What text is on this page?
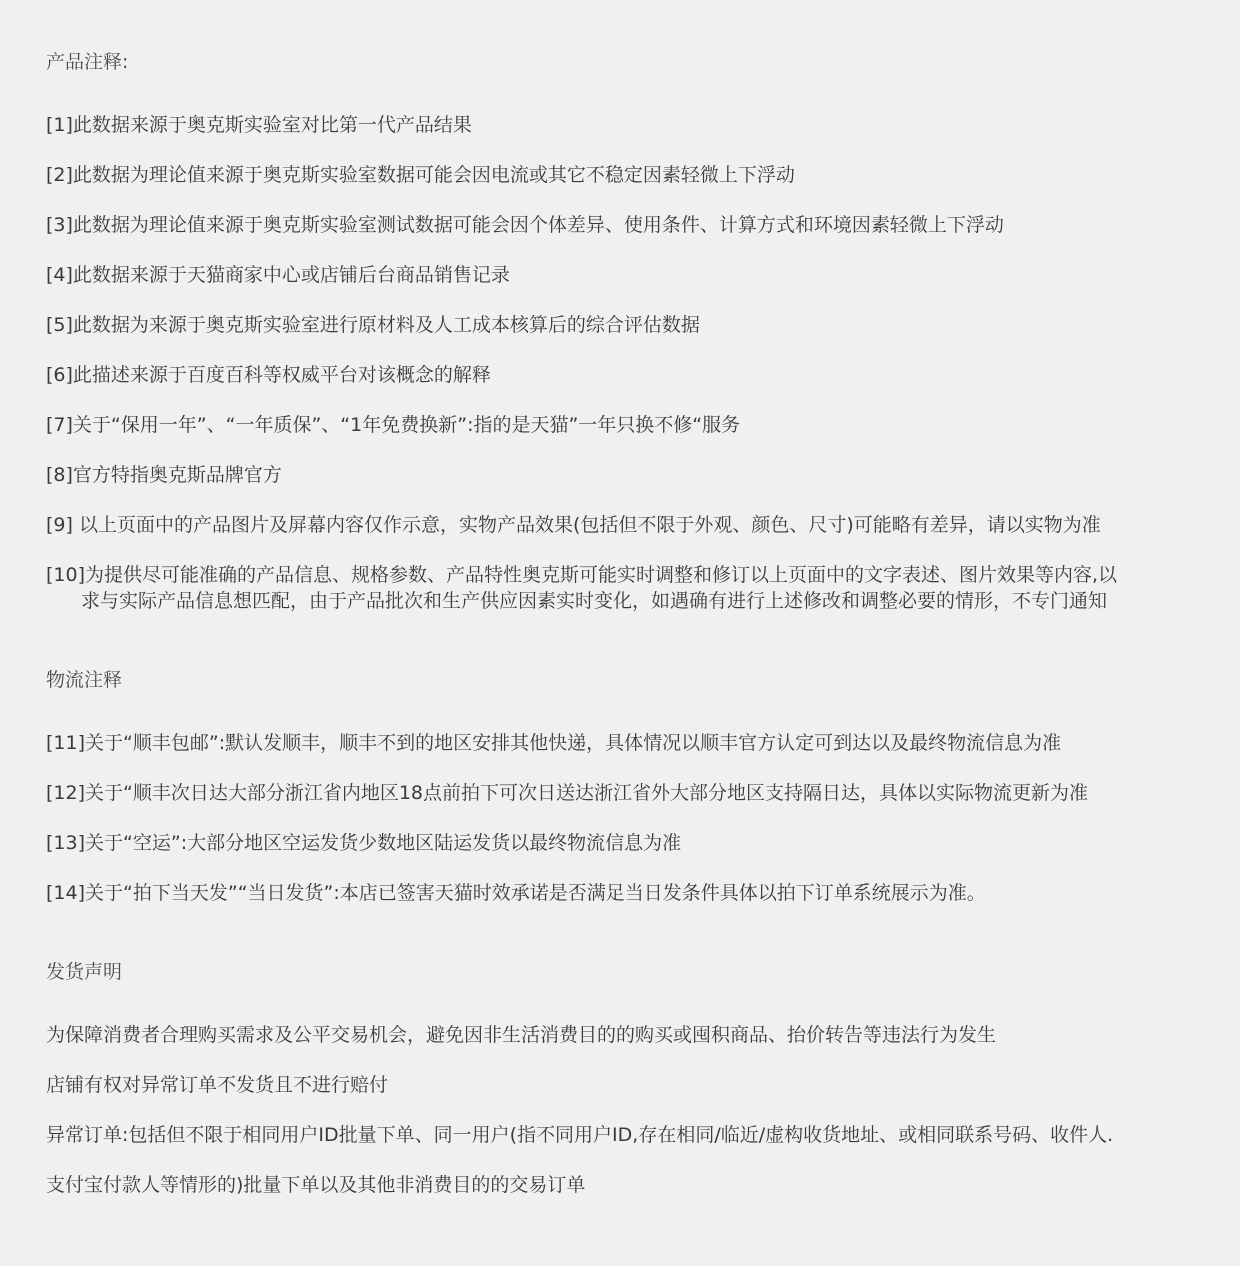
产品注释:

[1]此数据来源于奥克斯实验室对比第一代产品结果

[2]此数据为理论值来源于奥克斯实验室数据可能会因电流或其它不稳定因素轻微上下浮动

[3]此数据为理论值来源于奥克斯实验室测试数据可能会因个体差异、使用条件、计算方式和环境因素轻微上下浮动

[4]此数据来源于天猫商家中心或店铺后台商品销售记录

[5]此数据为来源于奥克斯实验室进行原材料及人工成本核算后的综合评估数据

[6]此描述来源于百度百科等权威平台对该概念的解释

[7]关于“保用一年”、“一年质保”、“1年免费换新”:指的是天猫”一年只换不修“服务

[8]官方特指奥克斯品牌官方

[9] 以上页面中的产品图片及屏幕内容仅作示意，实物产品效果(包括但不限于外观、颜色、尺寸)可能略有差异，请以实物为准

[10]为提供尽可能准确的产品信息、规格参数、产品特性奥克斯可能实时调整和修订以上页面中的文字表述、图片效果等内容,以
求与实际产品信息想匹配，由于产品批次和生产供应因素实时变化，如遇确有进行上述修改和调整必要的情形，不专门通知

物流注释

[11]关于“顺丰包邮”:默认发顺丰，顺丰不到的地区安排其他快递，具体情况以顺丰官方认定可到达以及最终物流信息为准

[12]关于“顺丰次日达大部分浙江省内地区18点前拍下可次日送达浙江省外大部分地区支持隔日达，具体以实际物流更新为准

[13]关于“空运”:大部分地区空运发货少数地区陆运发货以最终物流信息为准

[14]关于“拍下当天发”“当日发货”:本店已签害天猫时效承诺是否满足当日发条件具体以拍下订单系统展示为准。

发货声明

为保障消费者合理购买需求及公平交易机会，避免因非生活消费目的的购买或囤积商品、抬价转告等违法行为发生

店铺有权对异常订单不发货且不进行赔付

异常订单:包括但不限于相同用户ID批量下单、同一用户(指不同用户ID,存在相同/临近/虚构收货地址、或相同联系号码、收件人.

支付宝付款人等情形的)批量下单以及其他非消费目的的交易订单
